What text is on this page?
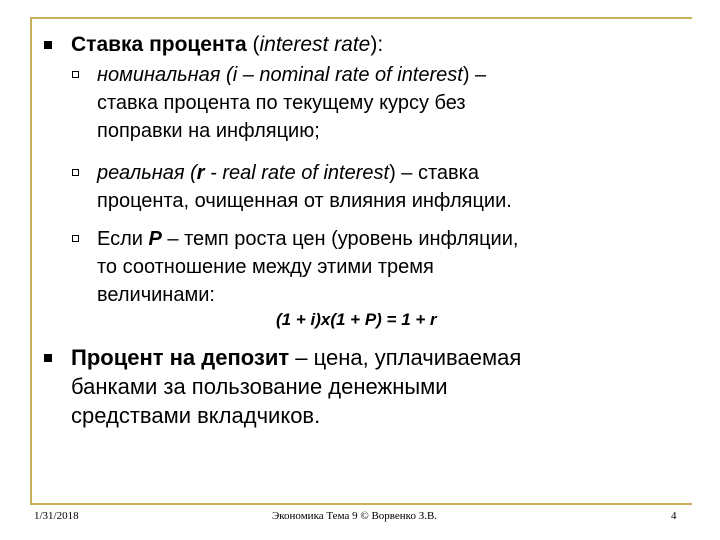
Ставка процента (interest rate):
номинальная (i – nominal rate of interest) –
ставка процента по текущему курсу без
поправки на инфляцию;
реальная (r - real rate of interest) – ставка
процента, очищенная от влияния инфляции.
Если P – темп роста цен (уровень инфляции,
то соотношение между этими тремя
величинами:
(1 + i)x(1 + P) = 1 + r
Процент на депозит – цена, уплачиваемая
банками за пользование денежными
средствами вкладчиков.
1/31/2018	Экономика Тема 9 © Ворвенко З.В.	4
